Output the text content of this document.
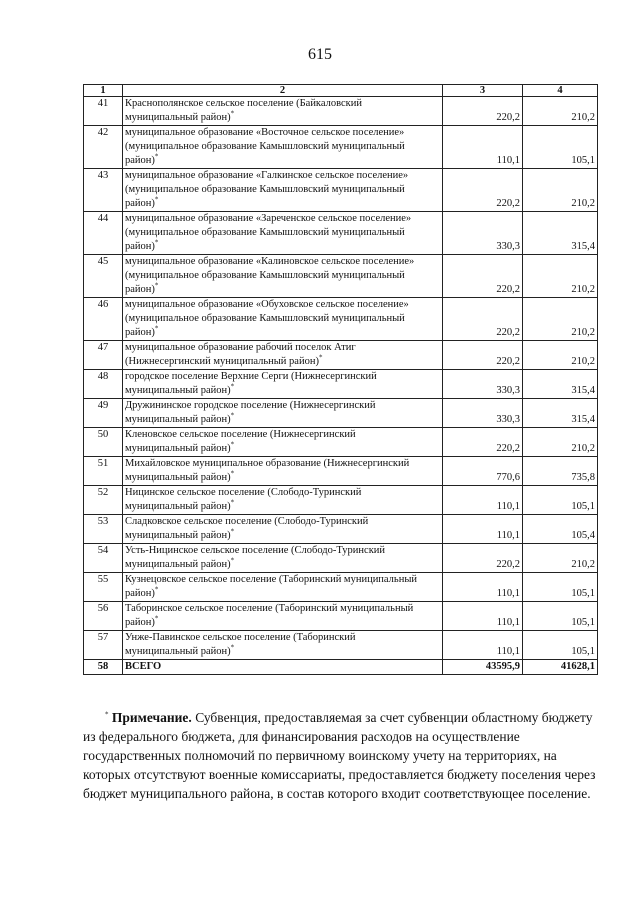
615
1	2	3	4
41	Краснополянское сельское поселение (Байкаловский
муниципальный район)*	220,2	210,2
42	муниципальное образование «Восточное сельское поселение»
(муниципальное образование Камышловский муниципальный
район)*	110,1	105,1
43	муниципальное образование «Галкинское сельское поселение»
(муниципальное образование Камышловский муниципальный
район)*	220,2	210,2
44	муниципальное образование «Зареченское сельское поселение»
(муниципальное образование Камышловский муниципальный
район)*	330,3	315,4
45	муниципальное образование «Калиновское сельское поселение»
(муниципальное образование Камышловский муниципальный
район)*	220,2	210,2
46	муниципальное образование «Обуховское сельское поселение»
(муниципальное образование Камышловский муниципальный
район)*	220,2	210,2
47	муниципальное образование рабочий поселок Атиг
(Нижнесергинский муниципальный район)*	220,2	210,2
48	городское поселение Верхние Серги (Нижнесергинский
муниципальный район)*	330,3	315,4
49	Дружининское городское поселение (Нижнесергинский
муниципальный район)*	330,3	315,4
50	Кленовское сельское поселение (Нижнесергинский
муниципальный район)*	220,2	210,2
51	Михайловское муниципальное образование (Нижнесергинский
муниципальный район)*	770,6	735,8
52	Ницинское сельское поселение (Слободо-Туринский
муниципальный район)*	110,1	105,1
53	Сладковское сельское поселение (Слободо-Туринский
муниципальный район)*	110,1	105,4
54	Усть-Ницинское сельское поселение (Слободо-Туринский
муниципальный район)*	220,2	210,2
55	Кузнецовское сельское поселение (Таборинский муниципальный
район)*	110,1	105,1
56	Таборинское сельское поселение (Таборинский муниципальный
район)*	110,1	105,1
57	Унже-Павинское сельское поселение (Таборинский
муниципальный район)*	110,1	105,1
58	ВСЕГО	43595,9	41628,1
* Примечание. Субвенция, предоставляемая за счет субвенции областному бюджету из федерального бюджета, для финансирования расходов на осуществление государственных полномочий по первичному воинскому учету на территориях, на которых отсутствуют военные комиссариаты, предоставляется бюджету поселения через бюджет муниципального района, в состав которого входит соответствующее поселение.
